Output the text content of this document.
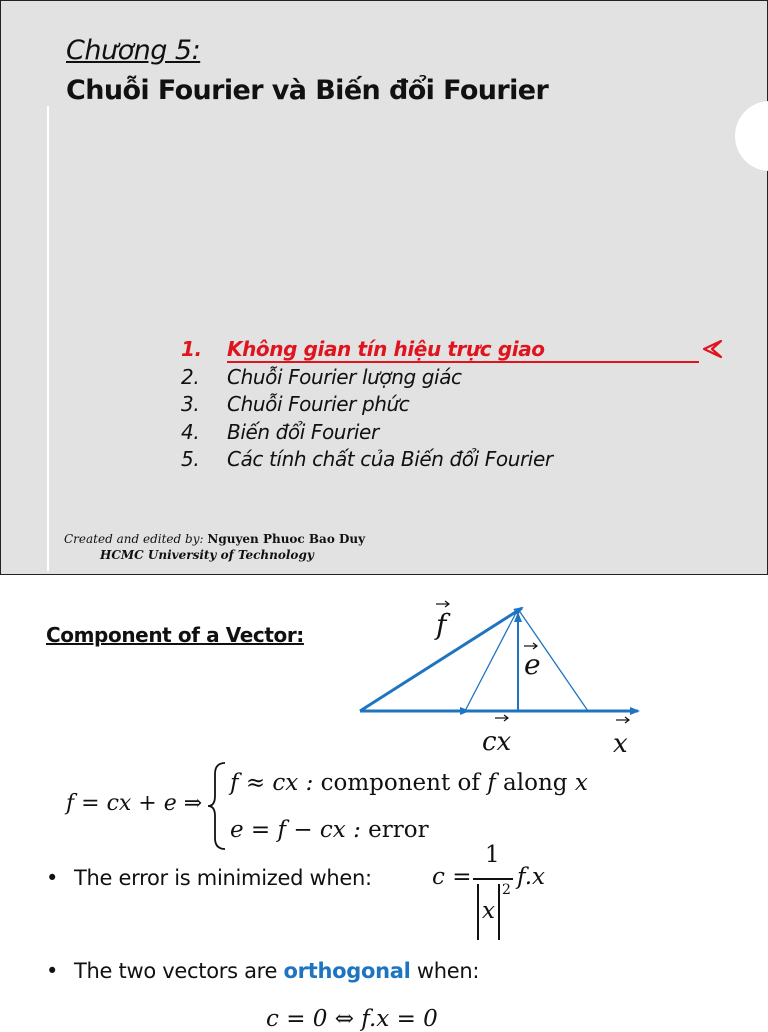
Chương 5:
Chuỗi Fourier và Biến đổi Fourier
1. Không gian tín hiệu trực giao
2. Chuỗi Fourier lượng giác
3. Chuỗi Fourier phức
4. Biến đổi Fourier
5. Các tính chất của Biến đổi Fourier
Created and edited by: Nguyen Phuoc Bao Duy
HCMC University of Technology
Component of a Vector:	f
e
cx	x
f = cx + e ⇒
f ≈ cx : component of f along x
e = f − cx : error
• The error is minimized when:	c =
1
x
2 f.x
• The two vectors are orthogonal when:
c = 0 ⇔ f.x = 0
